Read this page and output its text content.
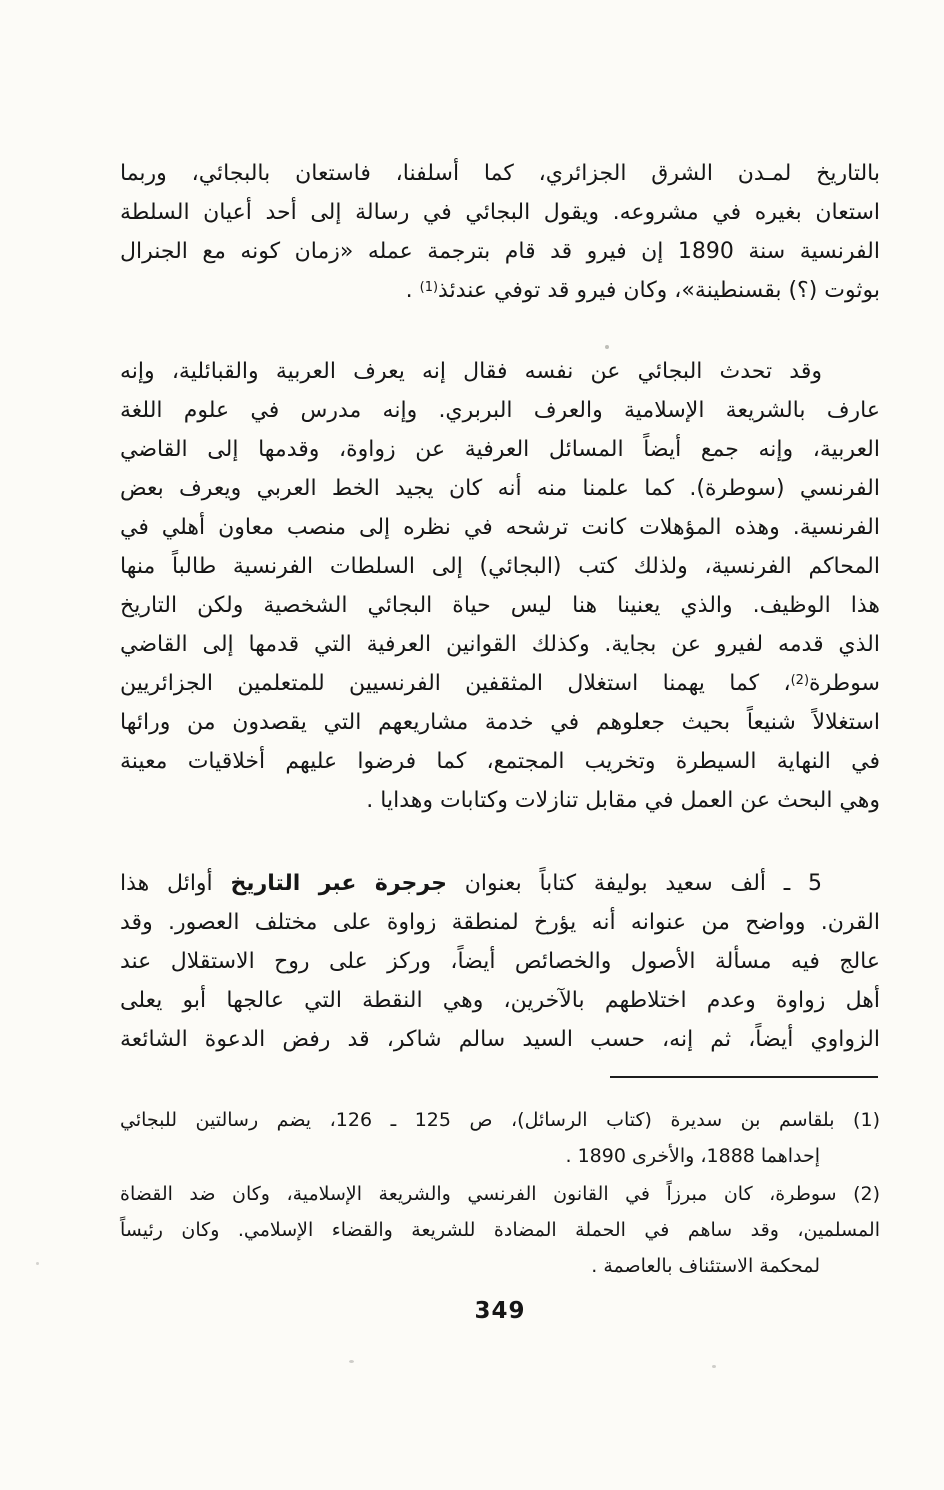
بالتاريخ لمـدن الشرق الجزائري، كما أسلفنا، فاستعان بالبجائي، وربما
استعان بغيره في مشروعه. ويقول البجائي في رسالة إلى أحد أعيان السلطة
الفرنسية سنة 1890 إن فيرو قد قام بترجمة عمله «زمان كونه مع الجنرال
بوثوت (؟) بقسنطينة»، وكان فيرو قد توفي عندئذ$^{(1)}$ .
وقد تحدث البجائي عن نفسه فقال إنه يعرف العربية والقبائلية، وإنه
عارف بالشريعة الإسلامية والعرف البربري. وإنه مدرس في علوم اللغة
العربية، وإنه جمع أيضاً المسائل العرفية عن زواوة، وقدمها إلى القاضي
الفرنسي (سوطرة). كما علمنا منه أنه كان يجيد الخط العربي ويعرف بعض
الفرنسية. وهذه المؤهلات كانت ترشحه في نظره إلى منصب معاون أهلي في
المحاكم الفرنسية، ولذلك كتب (البجائي) إلى السلطات الفرنسية طالباً منها
هذا الوظيف. والذي يعنينا هنا ليس حياة البجائي الشخصية ولكن التاريخ
الذي قدمه لفيرو عن بجاية. وكذلك القوانين العرفية التي قدمها إلى القاضي
سوطرة$^{(2)}$، كما يهمنا استغلال المثقفين الفرنسيين للمتعلمين الجزائريين
استغلالاً شنيعاً بحيث جعلوهم في خدمة مشاريعهم التي يقصدون من ورائها
في النهاية السيطرة وتخريب المجتمع، كما فرضوا عليهم أخلاقيات معينة
وهي البحث عن العمل في مقابل تنازلات وكتابات وهدايا .
5 ـ ألف سعيد بوليفة كتاباً بعنوان جرجرة عبر التاريخ أوائل هذا
القرن. وواضح من عنوانه أنه يؤرخ لمنطقة زواوة على مختلف العصور. وقد
عالج فيه مسألة الأصول والخصائص أيضاً، وركز على روح الاستقلال عند
أهل زواوة وعدم اختلاطهم بالآخرين، وهي النقطة التي عالجها أبو يعلى
الزواوي أيضاً، ثم إنه، حسب السيد سالم شاكر، قد رفض الدعوة الشائعة
(1) بلقاسم بن سديرة (كتاب الرسائل)، ص 125 ـ 126، يضم رسالتين للبجائي
إحداهما 1888، والأخرى 1890 .
(2) سوطرة، كان مبرزاً في القانون الفرنسي والشريعة الإسلامية، وكان ضد القضاة
المسلمين، وقد ساهم في الحملة المضادة للشريعة والقضاء الإسلامي. وكان رئيساً
لمحكمة الاستئناف بالعاصمة .
349
